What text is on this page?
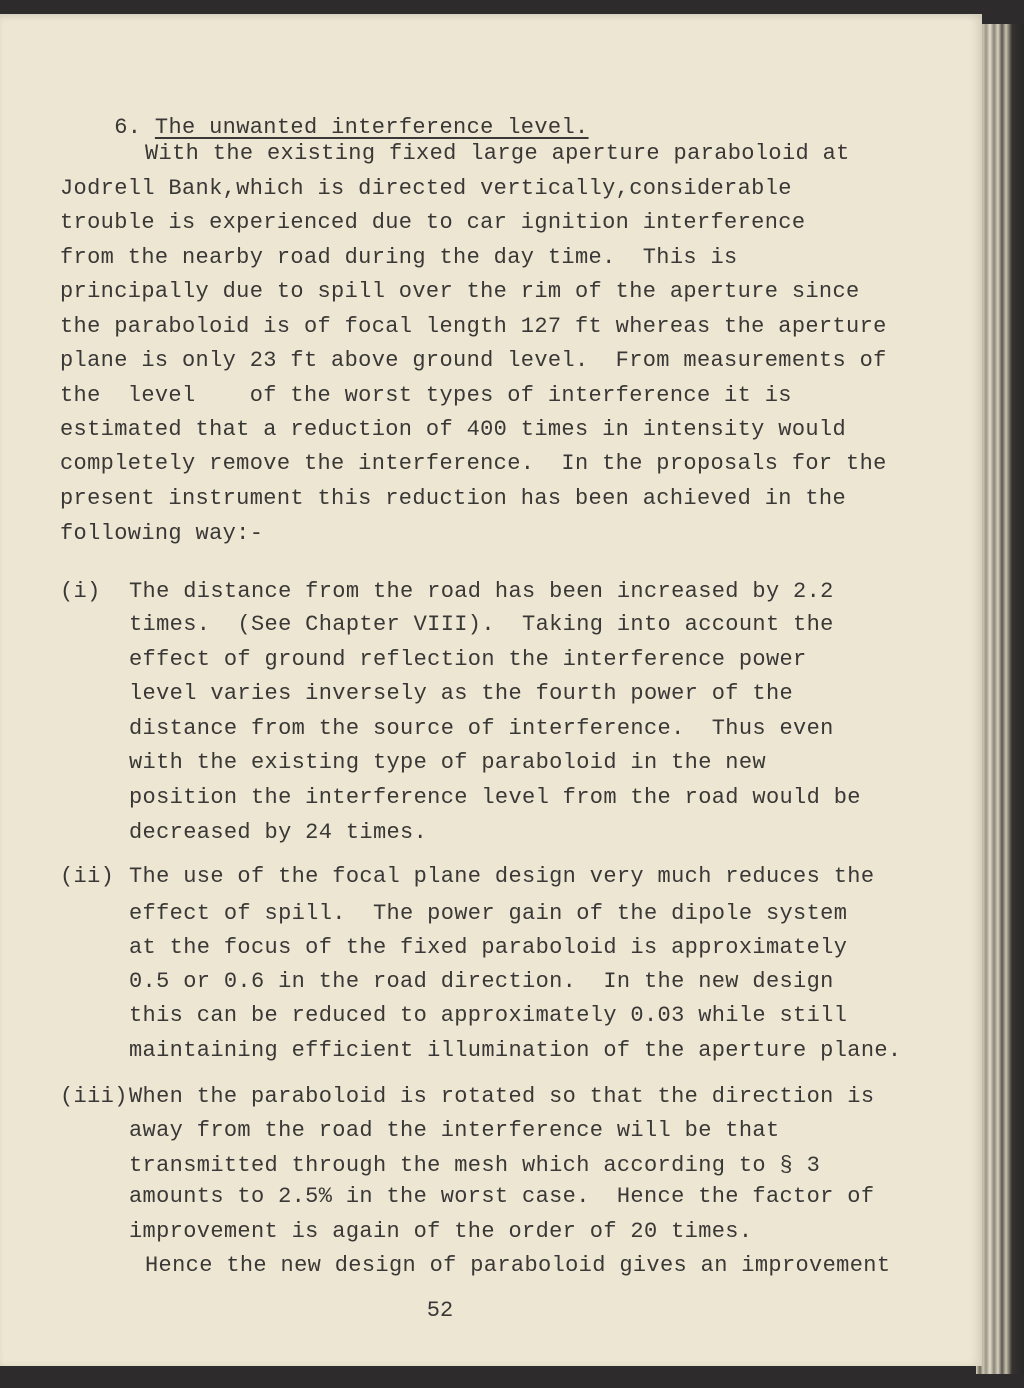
6. The unwanted interference level.

With the existing fixed large aperture paraboloid at

Jodrell Bank,which is directed vertically,considerable

trouble is experienced due to car ignition interference

from the nearby road during the day time.  This is

principally due to spill over the rim of the aperture since

the paraboloid is of focal length 127 ft whereas the aperture

plane is only 23 ft above ground level.  From measurements of

the  level    of the worst types of interference it is

estimated that a reduction of 400 times in intensity would

completely remove the interference.  In the proposals for the

present instrument this reduction has been achieved in the

following way:-

(i) The distance from the road has been increased by 2.2

times.  (See Chapter VIII).  Taking into account the

effect of ground reflection the interference power

level varies inversely as the fourth power of the

distance from the source of interference.  Thus even

with the existing type of paraboloid in the new

position the interference level from the road would be

decreased by 24 times.

(ii) The use of the focal plane design very much reduces the

effect of spill.  The power gain of the dipole system

at the focus of the fixed paraboloid is approximately

0.5 or 0.6 in the road direction.  In the new design

this can be reduced to approximately 0.03 while still

maintaining efficient illumination of the aperture plane.

(iii) When the paraboloid is rotated so that the direction is

away from the road the interference will be that

transmitted through the mesh which according to § 3

amounts to 2.5% in the worst case.  Hence the factor of

improvement is again of the order of 20 times.

Hence the new design of paraboloid gives an improvement

52
